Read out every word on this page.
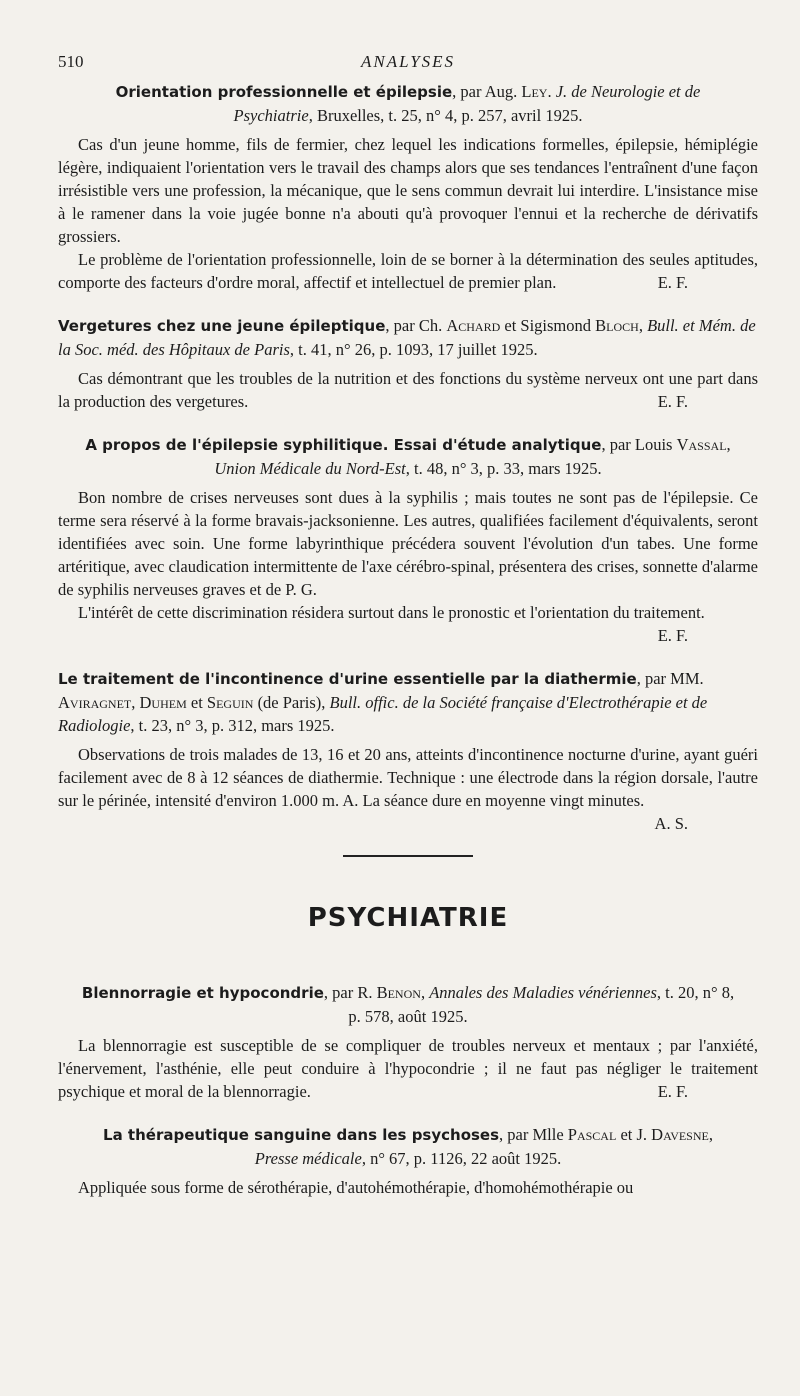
510	ANALYSES
Orientation professionnelle et épilepsie, par Aug. Ley. J. de Neurologie et de Psychiatrie, Bruxelles, t. 25, n° 4, p. 257, avril 1925.

Cas d'un jeune homme, fils de fermier, chez lequel les indications formelles, épilepsie, hémiplégie légère, indiquaient l'orientation vers le travail des champs alors que ses tendances l'entraînent d'une façon irrésistible vers une profession, la mécanique, que le sens commun devrait lui interdire. L'insistance mise à le ramener dans la voie jugée bonne n'a abouti qu'à provoquer l'ennui et la recherche de dérivatifs grossiers.

Le problème de l'orientation professionnelle, loin de se borner à la détermination des seules aptitudes, comporte des facteurs d'ordre moral, affectif et intellectuel de premier plan.	E. F.

Vergetures chez une jeune épileptique, par Ch. Achard et Sigismond Bloch, Bull. et Mém. de la Soc. méd. des Hôpitaux de Paris, t. 41, n° 26, p. 1093, 17 juillet 1925.

Cas démontrant que les troubles de la nutrition et des fonctions du système nerveux ont une part dans la production des vergetures.	E. F.

A propos de l'épilepsie syphilitique. Essai d'étude analytique, par Louis Vassal, Union Médicale du Nord-Est, t. 48, n° 3, p. 33, mars 1925.

Bon nombre de crises nerveuses sont dues à la syphilis ; mais toutes ne sont pas de l'épilepsie. Ce terme sera réservé à la forme bravais-jacksonienne. Les autres, qualifiées facilement d'équivalents, seront identifiées avec soin. Une forme labyrinthique précédera souvent l'évolution d'un tabes. Une forme artéritique, avec claudication intermittente de l'axe cérébro-spinal, présentera des crises, sonnette d'alarme de syphilis nerveuses graves et de P. G.

L'intérêt de cette discrimination résidera surtout dans le pronostic et l'orientation du traitement.
E. F.

Le traitement de l'incontinence d'urine essentielle par la diathermie, par MM. Aviragnet, Duhem et Seguin (de Paris), Bull. offic. de la Société française d'Electrothérapie et de Radiologie, t. 23, n° 3, p. 312, mars 1925.

Observations de trois malades de 13, 16 et 20 ans, atteints d'incontinence nocturne d'urine, ayant guéri facilement avec de 8 à 12 séances de diathermie. Technique : une électrode dans la région dorsale, l'autre sur le périnée, intensité d'environ 1.000 m. A. La séance dure en moyenne vingt minutes.
A. S.

PSYCHIATRIE
Blennorragie et hypocondrie, par R. Benon, Annales des Maladies vénériennes, t. 20, n° 8, p. 578, août 1925.

La blennorragie est susceptible de se compliquer de troubles nerveux et mentaux ; par l'anxiété, l'énervement, l'asthénie, elle peut conduire à l'hypocondrie ; il ne faut pas négliger le traitement psychique et moral de la blennorragie.	E. F.

La thérapeutique sanguine dans les psychoses, par Mlle Pascal et J. Davesne, Presse médicale, n° 67, p. 1126, 22 août 1925.

Appliquée sous forme de sérothérapie, d'autohémothérapie, d'homohémothérapie ou
